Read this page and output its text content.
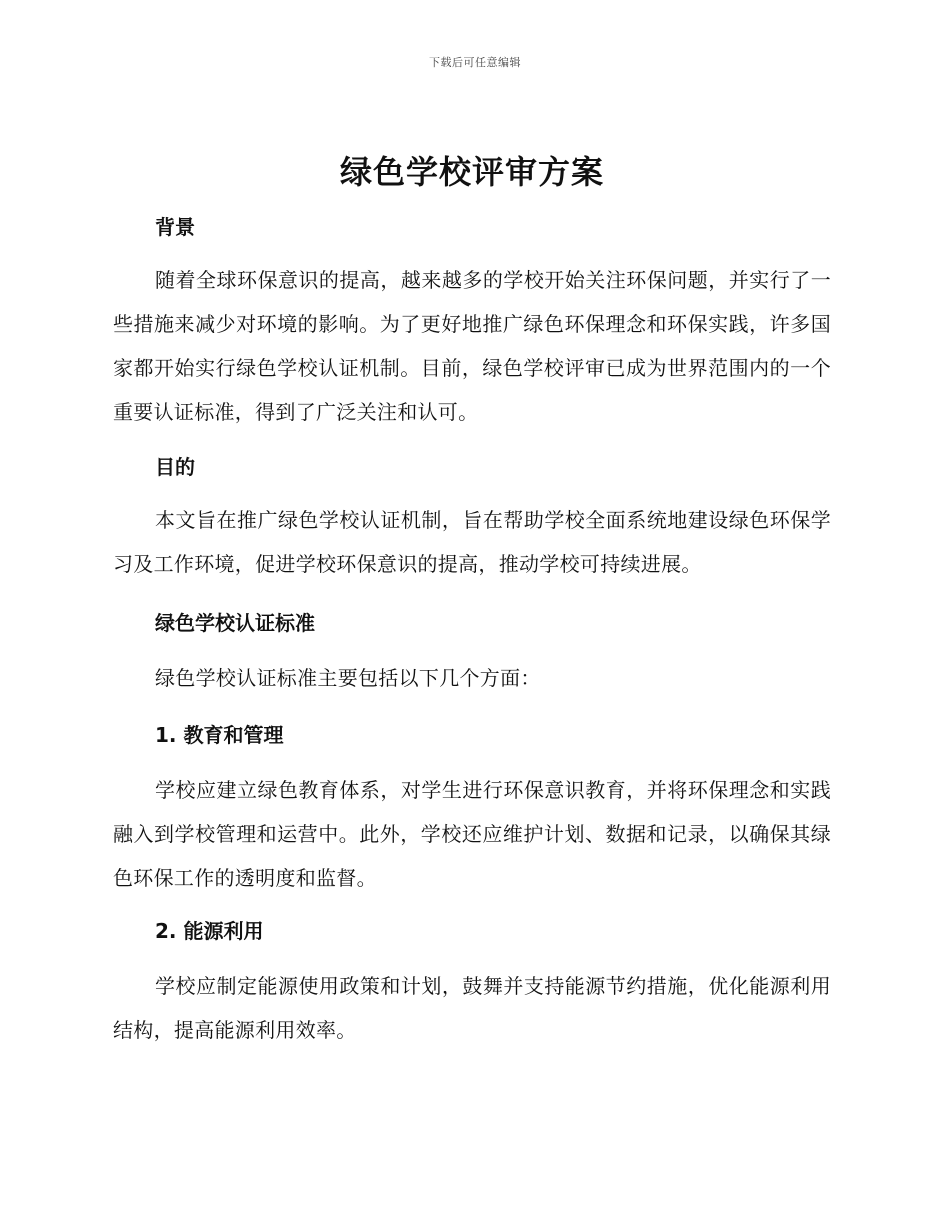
下载后可任意编辑
绿色学校评审方案
背景

随着全球环保意识的提高，越来越多的学校开始关注环保问题，并实行了一些措施来减少对环境的影响。为了更好地推广绿色环保理念和环保实践，许多国家都开始实行绿色学校认证机制。目前，绿色学校评审已成为世界范围内的一个重要认证标准，得到了广泛关注和认可。

目的

本文旨在推广绿色学校认证机制，旨在帮助学校全面系统地建设绿色环保学习及工作环境，促进学校环保意识的提高，推动学校可持续进展。

绿色学校认证标准

绿色学校认证标准主要包括以下几个方面：

1. 教育和管理

学校应建立绿色教育体系，对学生进行环保意识教育，并将环保理念和实践融入到学校管理和运营中。此外，学校还应维护计划、数据和记录，以确保其绿色环保工作的透明度和监督。

2. 能源利用

学校应制定能源使用政策和计划，鼓舞并支持能源节约措施，优化能源利用结构，提高能源利用效率。
